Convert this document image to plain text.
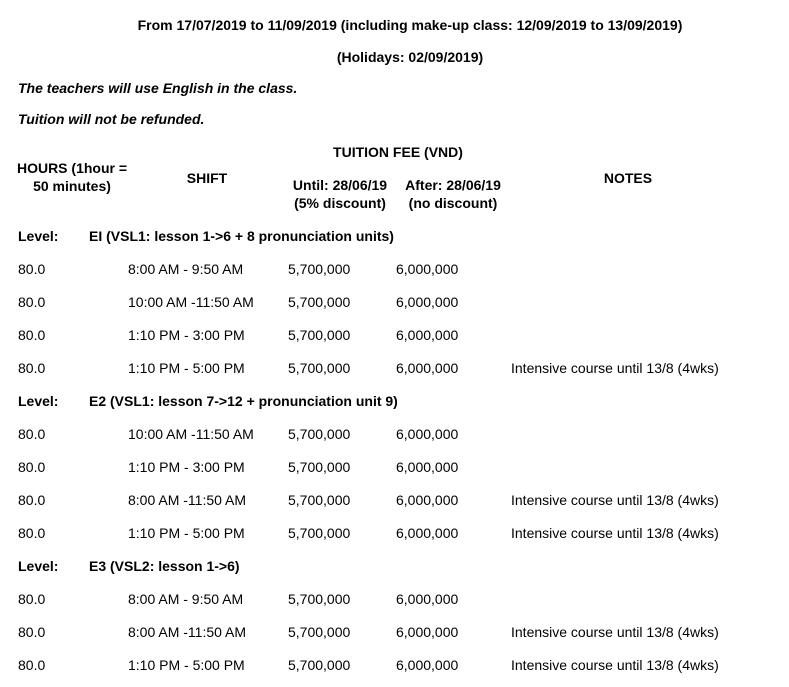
From 17/07/2019 to 11/09/2019 (including make-up class: 12/09/2019 to 13/09/2019)
(Holidays: 02/09/2019)
The teachers will use English in the class.
Tuition will not be refunded.
HOURS (1hour =
50 minutes)	SHIFT
TUITION FEE (VND)
Until: 28/06/19
(5% discount)
After: 28/06/19
(no discount)
NOTES
Level: EI (VSL1: lesson 1->6 + 8 pronunciation units)
80.0	8:00 AM - 9:50 AM	5,700,000	6,000,000
80.0	10:00 AM -11:50 AM 5,700,000	6,000,000
80.0	1:10 PM - 3:00 PM	5,700,000	6,000,000
80.0	1:10 PM - 5:00 PM	5,700,000	6,000,000	Intensive course until 13/8 (4wks)
Level: E2 (VSL1: lesson 7->12 + pronunciation unit 9)
80.0	10:00 AM -11:50 AM 5,700,000	6,000,000
80.0	1:10 PM - 3:00 PM	5,700,000	6,000,000
80.0	8:00 AM -11:50 AM	5,700,000	6,000,000	Intensive course until 13/8 (4wks)
80.0	1:10 PM - 5:00 PM	5,700,000	6,000,000	Intensive course until 13/8 (4wks)
Level: E3 (VSL2: lesson 1->6)
80.0	8:00 AM - 9:50 AM	5,700,000	6,000,000
80.0	8:00 AM -11:50 AM	5,700,000	6,000,000	Intensive course until 13/8 (4wks)
80.0	1:10 PM - 5:00 PM	5,700,000	6,000,000	Intensive course until 13/8 (4wks)
